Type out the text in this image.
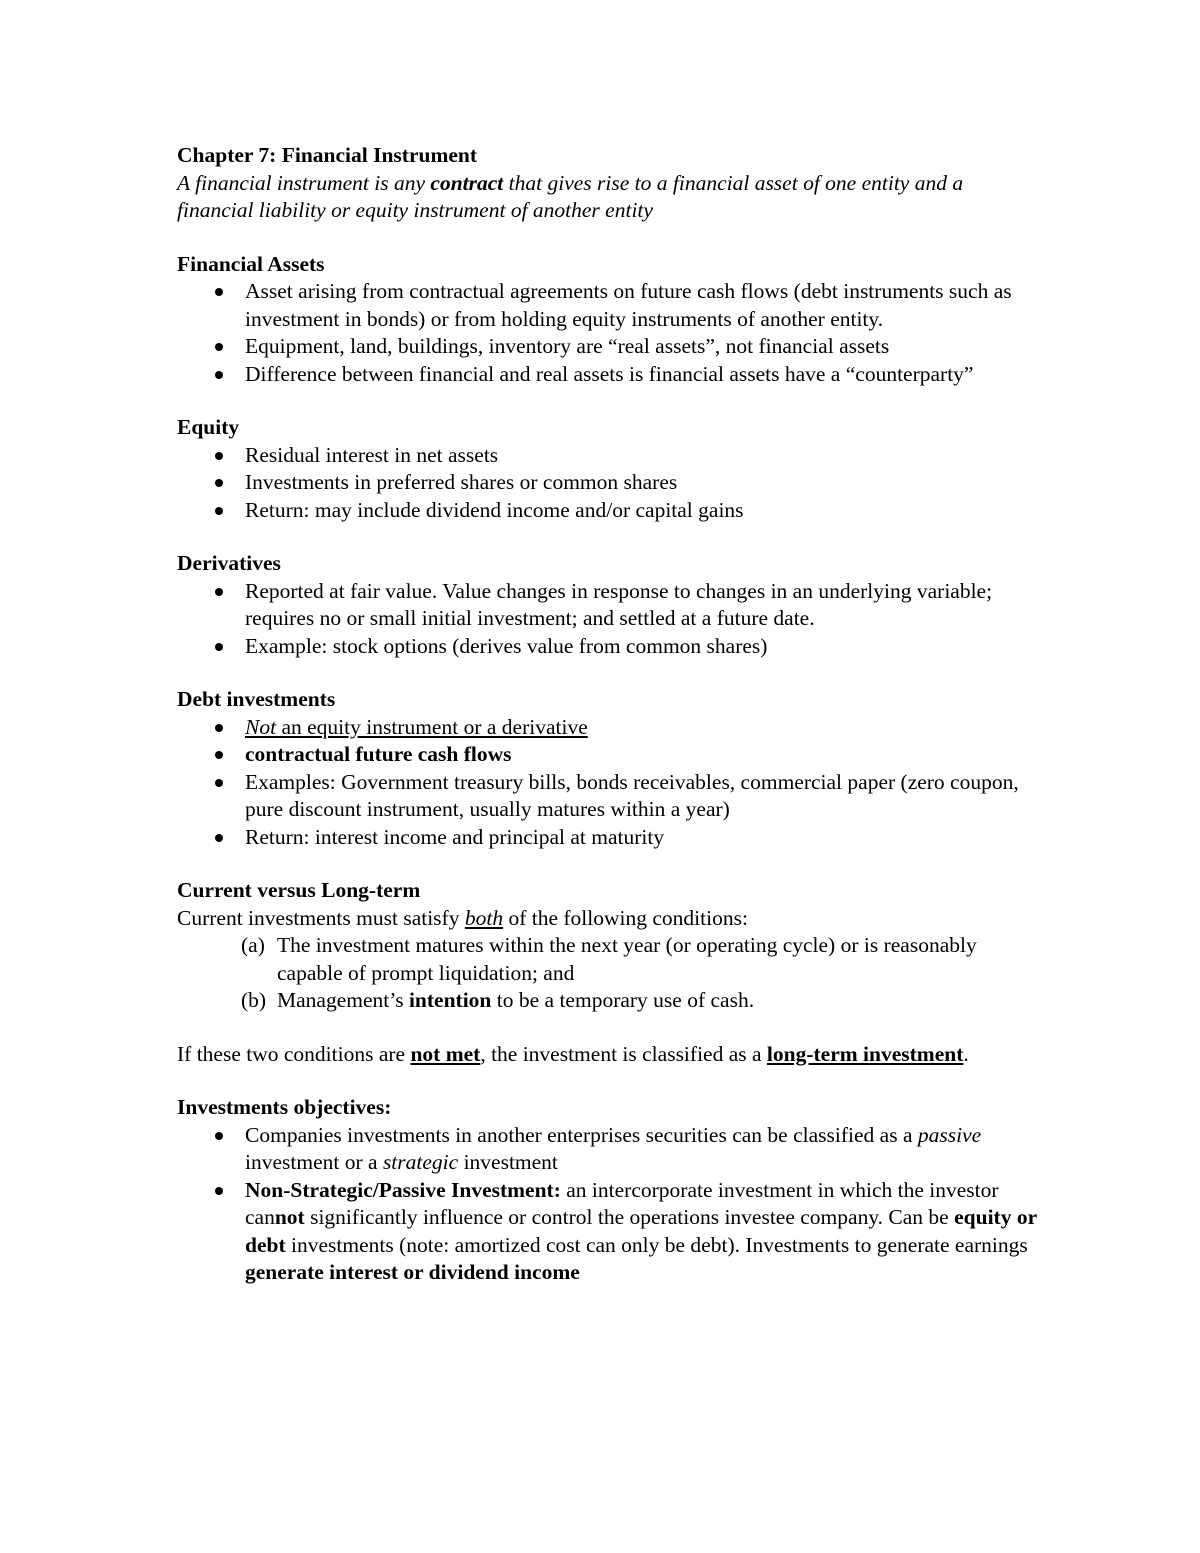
Chapter 7: Financial Instrument

A financial instrument is any contract that gives rise to a financial asset of one entity and a financial liability or equity instrument of another entity

Financial Assets

Asset arising from contractual agreements on future cash flows (debt instruments such as investment in bonds) or from holding equity instruments of another entity.
Equipment, land, buildings, inventory are “real assets”, not financial assets
Difference between financial and real assets is financial assets have a “counterparty”

Equity

Residual interest in net assets
Investments in preferred shares or common shares
Return: may include dividend income and/or capital gains

Derivatives

Reported at fair value. Value changes in response to changes in an underlying variable; requires no or small initial investment; and settled at a future date.
Example: stock options (derives value from common shares)

Debt investments

Not an equity instrument or a derivative
contractual future cash flows
Examples: Government treasury bills, bonds receivables, commercial paper (zero coupon, pure discount instrument, usually matures within a year)
Return: interest income and principal at maturity

Current versus Long-term

Current investments must satisfy both of the following conditions:

(a) The investment matures within the next year (or operating cycle) or is reasonably capable of prompt liquidation; and
(b) Management’s intention to be a temporary use of cash.

If these two conditions are not met, the investment is classified as a long-term investment.

Investments objectives:

Companies investments in another enterprises securities can be classified as a passive investment or a strategic investment
Non-Strategic/Passive Investment: an intercorporate investment in which the investor cannot significantly influence or control the operations investee company. Can be equity or debt investments (note: amortized cost can only be debt). Investments to generate earnings generate interest or dividend income
